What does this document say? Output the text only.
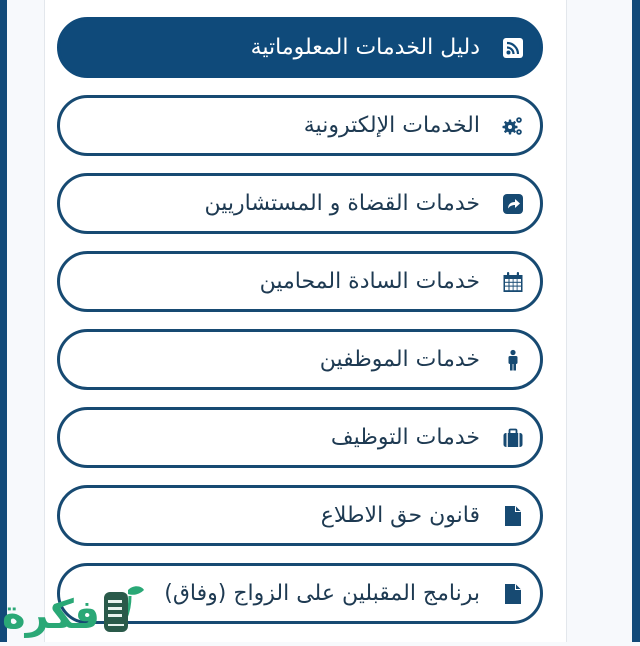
دليل الخدمات المعلوماتية
الخدمات الإلكترونية
خدمات القضاة و المستشاريين
خدمات السادة المحامين
خدمات الموظفين
خدمات التوظيف
قانون حق الاطلاع
برنامج المقبلين على الزواج (وفاق)
فكرة
